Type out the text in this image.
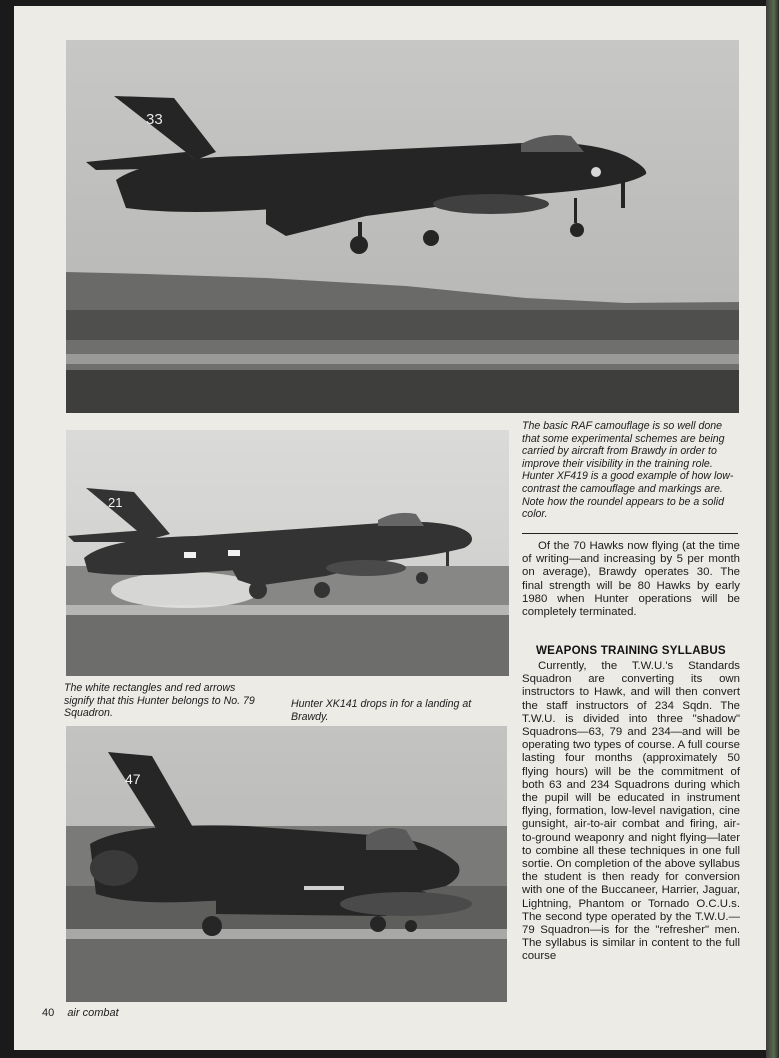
33
The basic RAF camouflage is so well done that some experimental schemes are being carried by aircraft from Brawdy in order to improve their visibility in the training role. Hunter XF419 is a good example of how low-contrast the camouflage and markings are. Note how the roundel appears to be a solid color.
21
The white rectangles and red arrows signify that this Hunter belongs to No. 79 Squadron.
Hunter XK141 drops in for a landing at Brawdy.
47
Of the 70 Hawks now flying (at the time of writing—and increasing by 5 per month on average), Brawdy operates 30. The final strength will be 80 Hawks by early 1980 when Hunter operations will be completely terminated.
WEAPONS TRAINING SYLLABUS
Currently, the T.W.U.'s Standards Squadron are converting its own instructors to Hawk, and will then convert the staff instructors of 234 Sqdn. The T.W.U. is divided into three "shadow" Squadrons—63, 79 and 234—and will be operating two types of course. A full course lasting four months (approximately 50 flying hours) will be the commitment of both 63 and 234 Squadrons during which the pupil will be educated in instrument flying, formation, low-level navigation, cine gunsight, air-to-air combat and firing, air-to-ground weaponry and night flying—later to combine all these techniques in one full sortie. On completion of the above syllabus the student is then ready for conversion with one of the Buccaneer, Harrier, Jaguar, Lightning, Phantom or Tornado O.C.U.s. The second type operated by the T.W.U.—79 Squadron—is for the "refresher" men. The syllabus is similar in content to the full course
40 air combat
